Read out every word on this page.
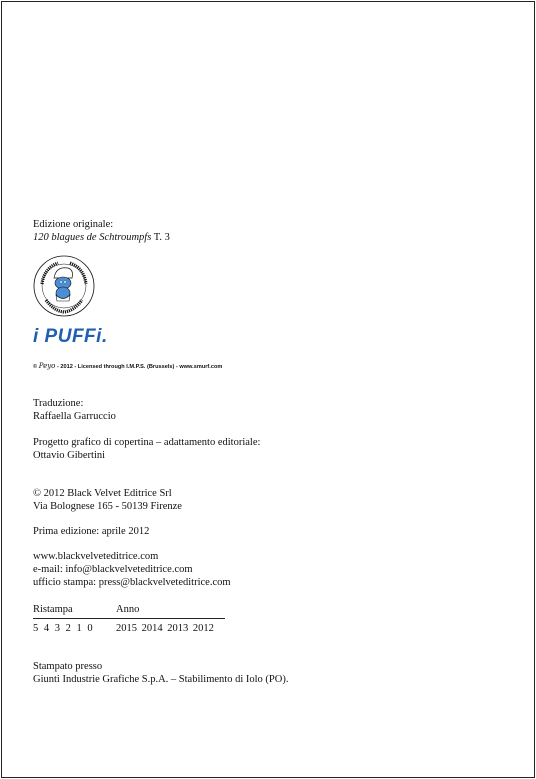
Edizione originale:
120 blagues de Schtroumpfs T. 3
i PUFFi.
© Peyo - 2012 - Licensed through I.M.P.S. (Brussels) - www.smurf.com
Traduzione:
Raffaella Garruccio
Progetto grafico di copertina – adattamento editoriale:
Ottavio Gibertini
© 2012 Black Velvet Editrice Srl
Via Bolognese 165 - 50139 Firenze
Prima edizione: aprile 2012
www.blackvelveteditrice.com
e-mail: info@blackvelveteditrice.com
ufficio stampa: press@blackvelveteditrice.com
Ristampa	Anno
5 4 3 2 1 0 2015 2014 2013 2012
Stampato presso
Giunti Industrie Grafiche S.p.A. – Stabilimento di Iolo (PO).
